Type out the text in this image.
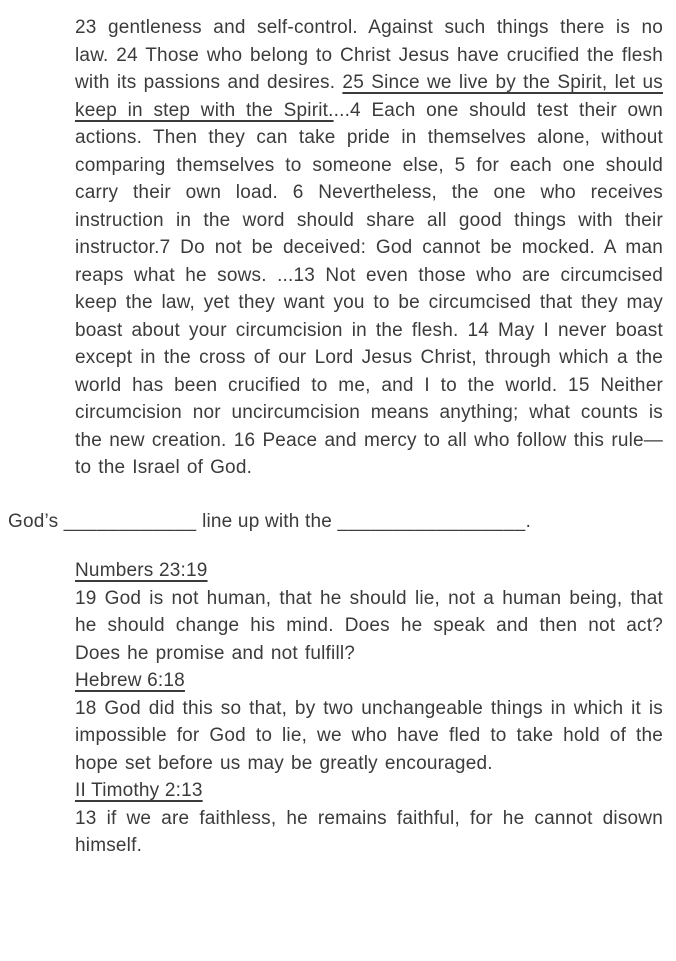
23 gentleness and self-control. Against such things there is no law. 24 Those who belong to Christ Jesus have crucified the flesh with its passions and desires. 25 Since we live by the Spirit, let us keep in step with the Spirit....4 Each one should test their own actions. Then they can take pride in themselves alone, without comparing themselves to someone else, 5 for each one should carry their own load. 6 Nevertheless, the one who receives instruction in the word should share all good things with their instructor.7 Do not be deceived: God cannot be mocked. A man reaps what he sows. ...13 Not even those who are circumcised keep the law, yet they want you to be circumcised that they may boast about your circumcision in the flesh. 14 May I never boast except in the cross of our Lord Jesus Christ, through which a the world has been crucified to me, and I to the world. 15 Neither circumcision nor uncircumcision means anything; what counts is the new creation. 16 Peace and mercy to all who follow this rule—to the Israel of God.

God’s ____________ line up with the _________________.

Numbers 23:19

19 God is not human, that he should lie, not a human being, that he should change his mind. Does he speak and then not act? Does he promise and not fulfill?

Hebrew 6:18

18 God did this so that, by two unchangeable things in which it is impossible for God to lie, we who have fled to take hold of the hope set before us may be greatly encouraged.

II Timothy 2:13

13 if we are faithless, he remains faithful, for he cannot disown himself.
